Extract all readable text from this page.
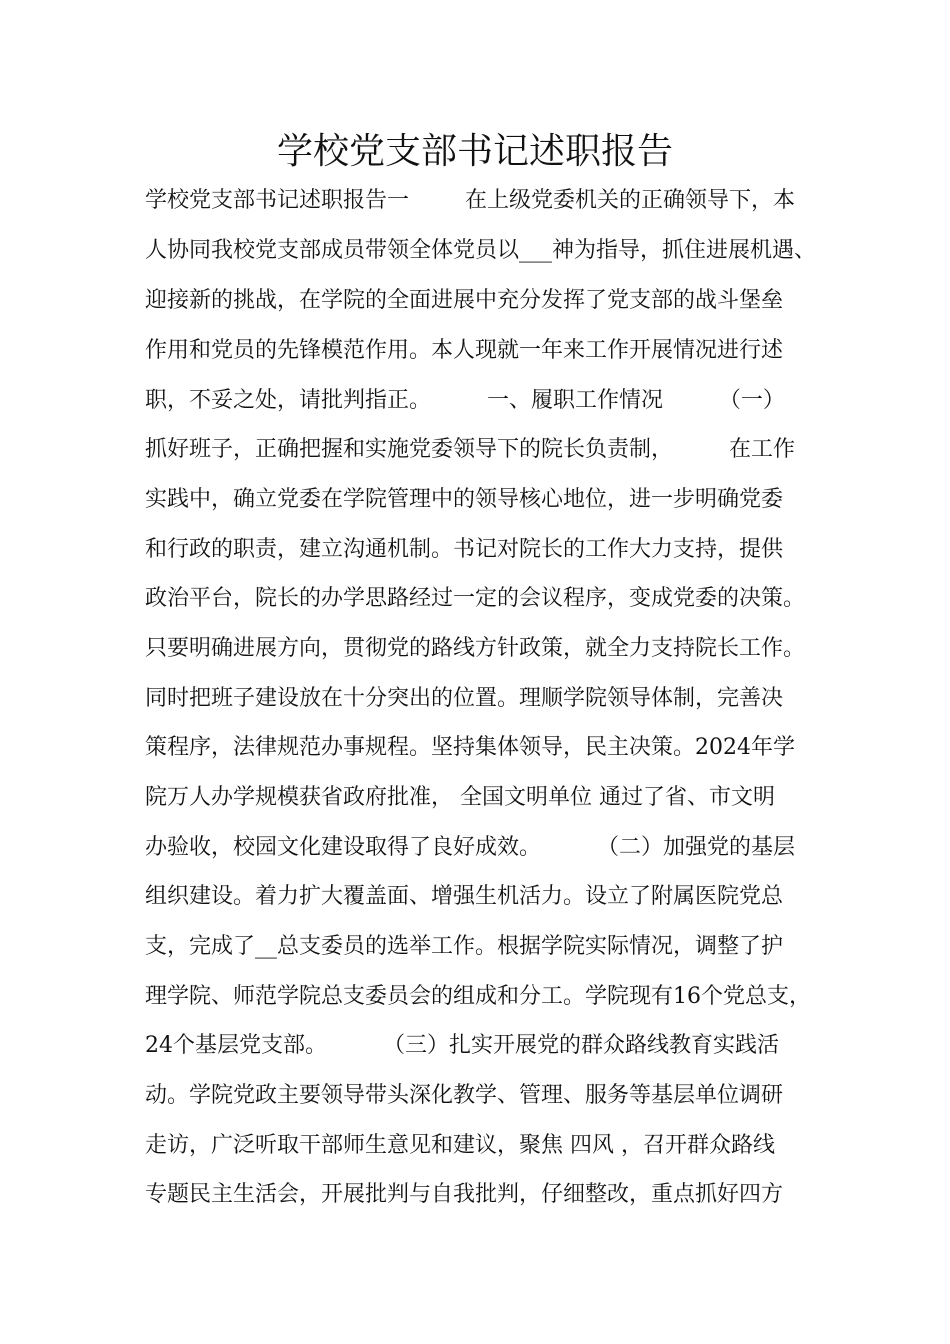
学校党支部书记述职报告
学校党支部书记述职报告一        在上级党委机关的正确领导下，本
人协同我校党支部成员带领全体党员以___神为指导，抓住进展机遇、
迎接新的挑战，在学院的全面进展中充分发挥了党支部的战斗堡垒
作用和党员的先锋模范作用。本人现就一年来工作开展情况进行述
职，不妥之处，请批判指正。        一、履职工作情况        （一）
抓好班子，正确把握和实施党委领导下的院长负责制，        在工作
实践中，确立党委在学院管理中的领导核心地位，进一步明确党委
和行政的职责，建立沟通机制。书记对院长的工作大力支持，提供
政治平台，院长的办学思路经过一定的会议程序，变成党委的决策。
只要明确进展方向，贯彻党的路线方针政策，就全力支持院长工作。
同时把班子建设放在十分突出的位置。理顺学院领导体制，完善决
策程序，法律规范办事规程。坚持集体领导，民主决策。2024年学
院万人办学规模获省政府批准， 全国文明单位 通过了省、市文明
办验收，校园文化建设取得了良好成效。        （二）加强党的基层
组织建设。着力扩大覆盖面、增强生机活力。设立了附属医院党总
支，完成了__总支委员的选举工作。根据学院实际情况，调整了护
理学院、师范学院总支委员会的组成和分工。学院现有16个党总支，
24个基层党支部。        （三）扎实开展党的群众路线教育实践活
动。学院党政主要领导带头深化教学、管理、服务等基层单位调研
走访，广泛听取干部师生意见和建议，聚焦 四风 ，召开群众路线
专题民主生活会，开展批判与自我批判，仔细整改，重点抓好四方
